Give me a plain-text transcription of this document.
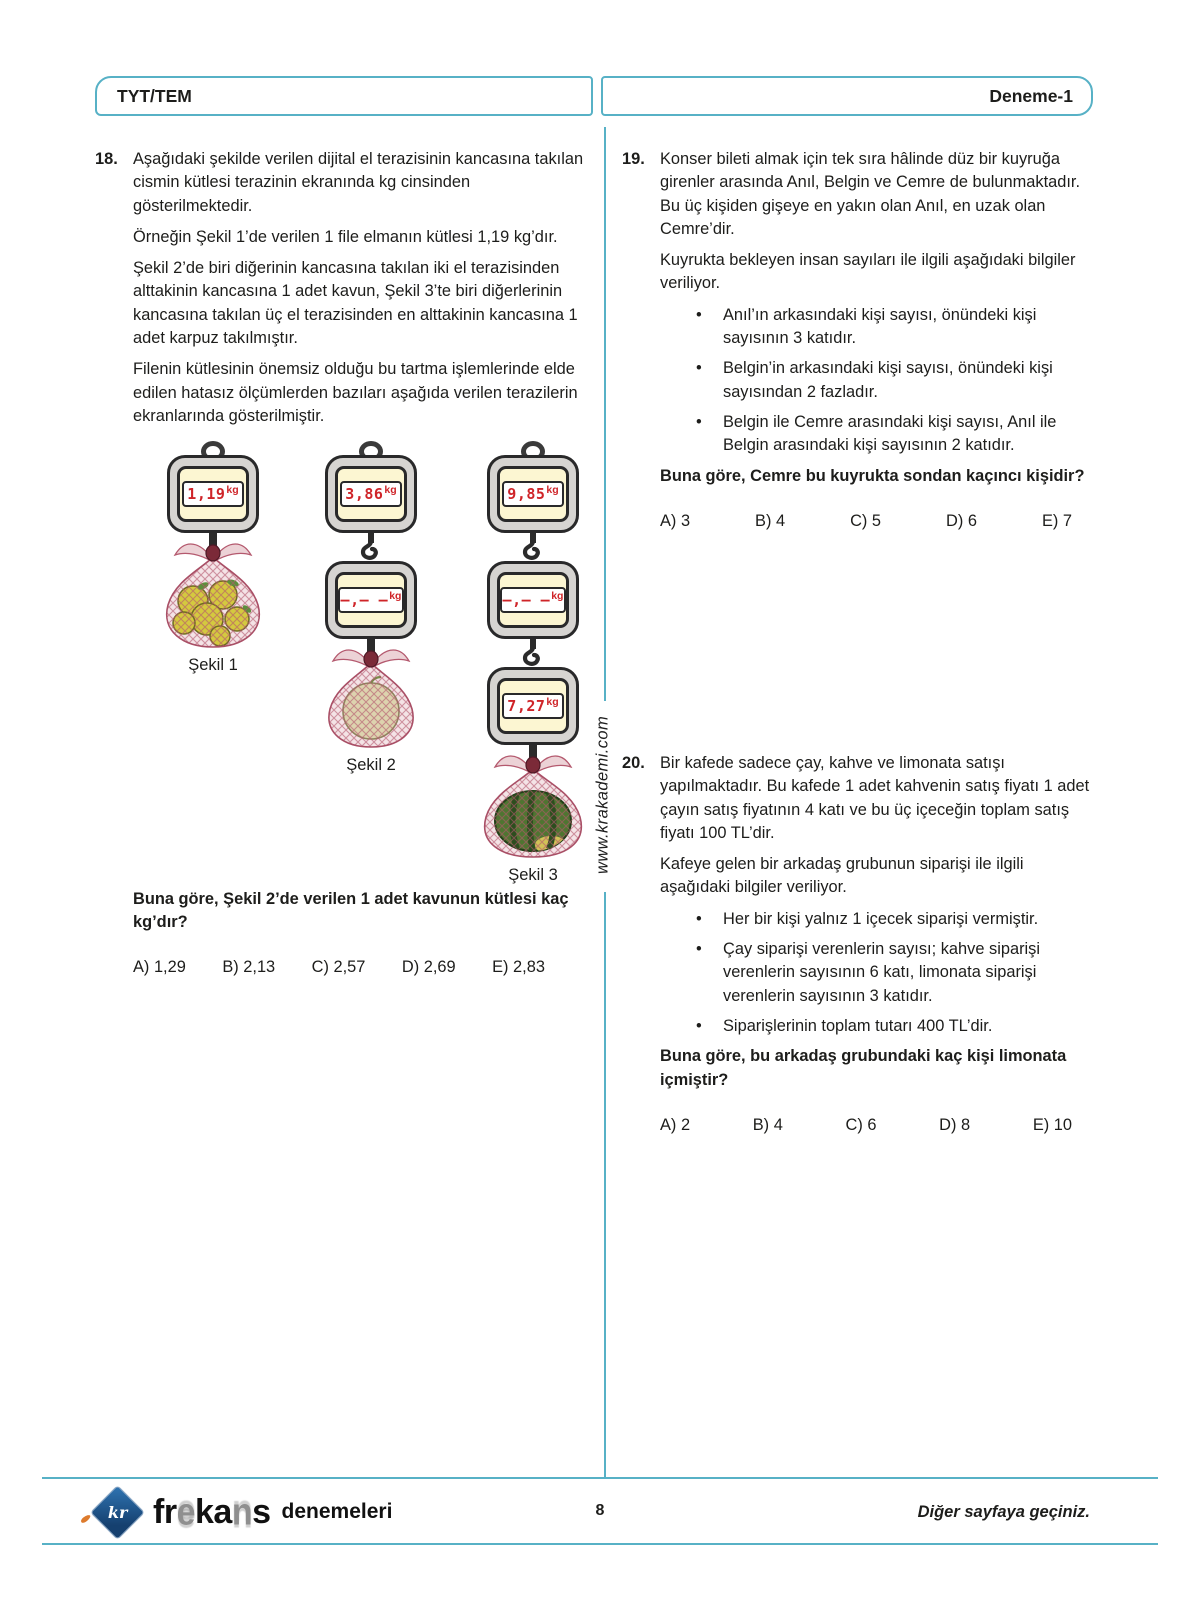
TYT/TEM	Deneme-1
www.krakademi.com
18. Aşağıdaki şekilde verilen dijital el terazisinin kancasına takılan cismin kütlesi terazinin ekranında kg cinsinden gösterilmektedir.

Örneğin Şekil 1’de verilen 1 file elmanın kütlesi 1,19 kg’dır.

Şekil 2’de biri diğerinin kancasına takılan iki el terazisinden alttakinin kancasına 1 adet kavun, Şekil 3’te biri diğerlerinin kancasına takılan üç el terazisinden en alttakinin kancasına 1 adet karpuz takılmıştır.

Filenin kütlesinin önemsiz olduğu bu tartma işlemlerinde elde edilen hatasız ölçümlerden bazıları aşağıda verilen terazilerin ekranlarında gösterilmiştir.

1,19 kg
Şekil 1
3,86 kg
–,– – kg
Şekil 2
9,85 kg
–,– – kg
7,27 kg
Şekil 3

Buna göre, Şekil 2’de verilen 1 adet kavunun kütlesi kaç kg’dır?

A) 1,29 B) 2,13 C) 2,57 D) 2,69 E) 2,83
19. Konser bileti almak için tek sıra hâlinde düz bir kuyruğa girenler arasında Anıl, Belgin ve Cemre de bulunmaktadır. Bu üç kişiden gişeye en yakın olan Anıl, en uzak olan Cemre’dir.

Kuyrukta bekleyen insan sayıları ile ilgili aşağıdaki bilgiler veriliyor.

•
Anıl’ın arkasındaki kişi sayısı, önündeki kişi sayısının 3 katıdır.
•
Belgin’in arkasındaki kişi sayısı, önündeki kişi sayısından 2 fazladır.
•
Belgin ile Cemre arasındaki kişi sayısı, Anıl ile Belgin arasındaki kişi sayısının 2 katıdır.

Buna göre, Cemre bu kuyrukta sondan kaçıncı kişidir?

A) 3	B) 4	C) 5	D) 6	E) 7
20. Bir kafede sadece çay, kahve ve limonata satışı yapılmaktadır. Bu kafede 1 adet kahvenin satış fiyatı 1 adet çayın satış fiyatının 4 katı ve bu üç içeceğin toplam satış fiyatı 100 TL’dir.

Kafeye gelen bir arkadaş grubunun siparişi ile ilgili aşağıdaki bilgiler veriliyor.

•
Her bir kişi yalnız 1 içecek siparişi vermiştir.
•
Çay siparişi verenlerin sayısı; kahve siparişi verenlerin sayısının 6 katı, limonata siparişi verenlerin sayısının 3 katıdır.
•
Siparişlerinin toplam tutarı 400 TL’dir.

Buna göre, bu arkadaş grubundaki kaç kişi limonata içmiştir?

A) 2	B) 4	C) 6	D) 8	E) 10
kr fr e ka n s denemeleri	8	Diğer sayfaya geçiniz.
